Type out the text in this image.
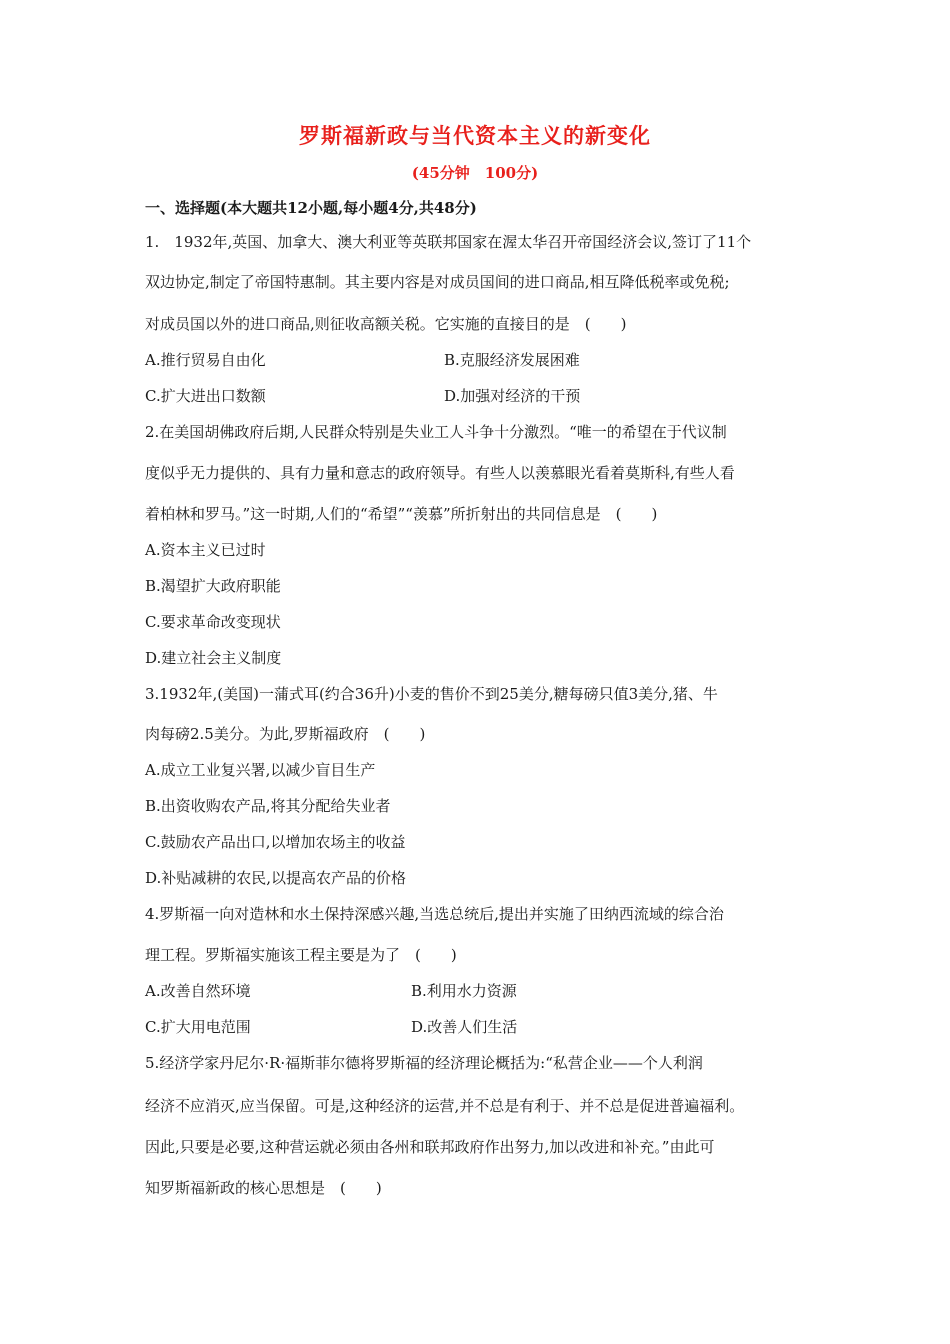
罗斯福新政与当代资本主义的新变化
(45分钟　100分)
一、选择题(本大题共12小题,每小题4分,共48分)
1.　1932年,英国、加拿大、澳大利亚等英联邦国家在渥太华召开帝国经济会议,签订了11个
双边协定,制定了帝国特惠制。其主要内容是对成员国间的进口商品,相互降低税率或免税;
对成员国以外的进口商品,则征收高额关税。它实施的直接目的是　(　　)
A.推行贸易自由化	B.克服经济发展困难
C.扩大进出口数额	D.加强对经济的干预
2.在美国胡佛政府后期,人民群众特别是失业工人斗争十分激烈。“唯一的希望在于代议制
度似乎无力提供的、具有力量和意志的政府领导。有些人以羡慕眼光看着莫斯科,有些人看
着柏林和罗马。”这一时期,人们的“希望”“羡慕”所折射出的共同信息是　(　　)
A.资本主义已过时
B.渴望扩大政府职能
C.要求革命改变现状
D.建立社会主义制度
3.1932年,(美国)一蒲式耳(约合36升)小麦的售价不到25美分,糖每磅只值3美分,猪、牛
肉每磅2.5美分。为此,罗斯福政府　(　　)
A.成立工业复兴署,以减少盲目生产
B.出资收购农产品,将其分配给失业者
C.鼓励农产品出口,以增加农场主的收益
D.补贴减耕的农民,以提高农产品的价格
4.罗斯福一向对造林和水土保持深感兴趣,当选总统后,提出并实施了田纳西流域的综合治
理工程。罗斯福实施该工程主要是为了　(　　)
A.改善自然环境	B.利用水力资源
C.扩大用电范围	D.改善人们生活
5.经济学家丹尼尔·R·福斯菲尔德将罗斯福的经济理论概括为:“私营企业——个人利润
经济不应消灭,应当保留。可是,这种经济的运营,并不总是有利于、并不总是促进普遍福利。
因此,只要是必要,这种营运就必须由各州和联邦政府作出努力,加以改进和补充。”由此可
知罗斯福新政的核心思想是　(　　)
